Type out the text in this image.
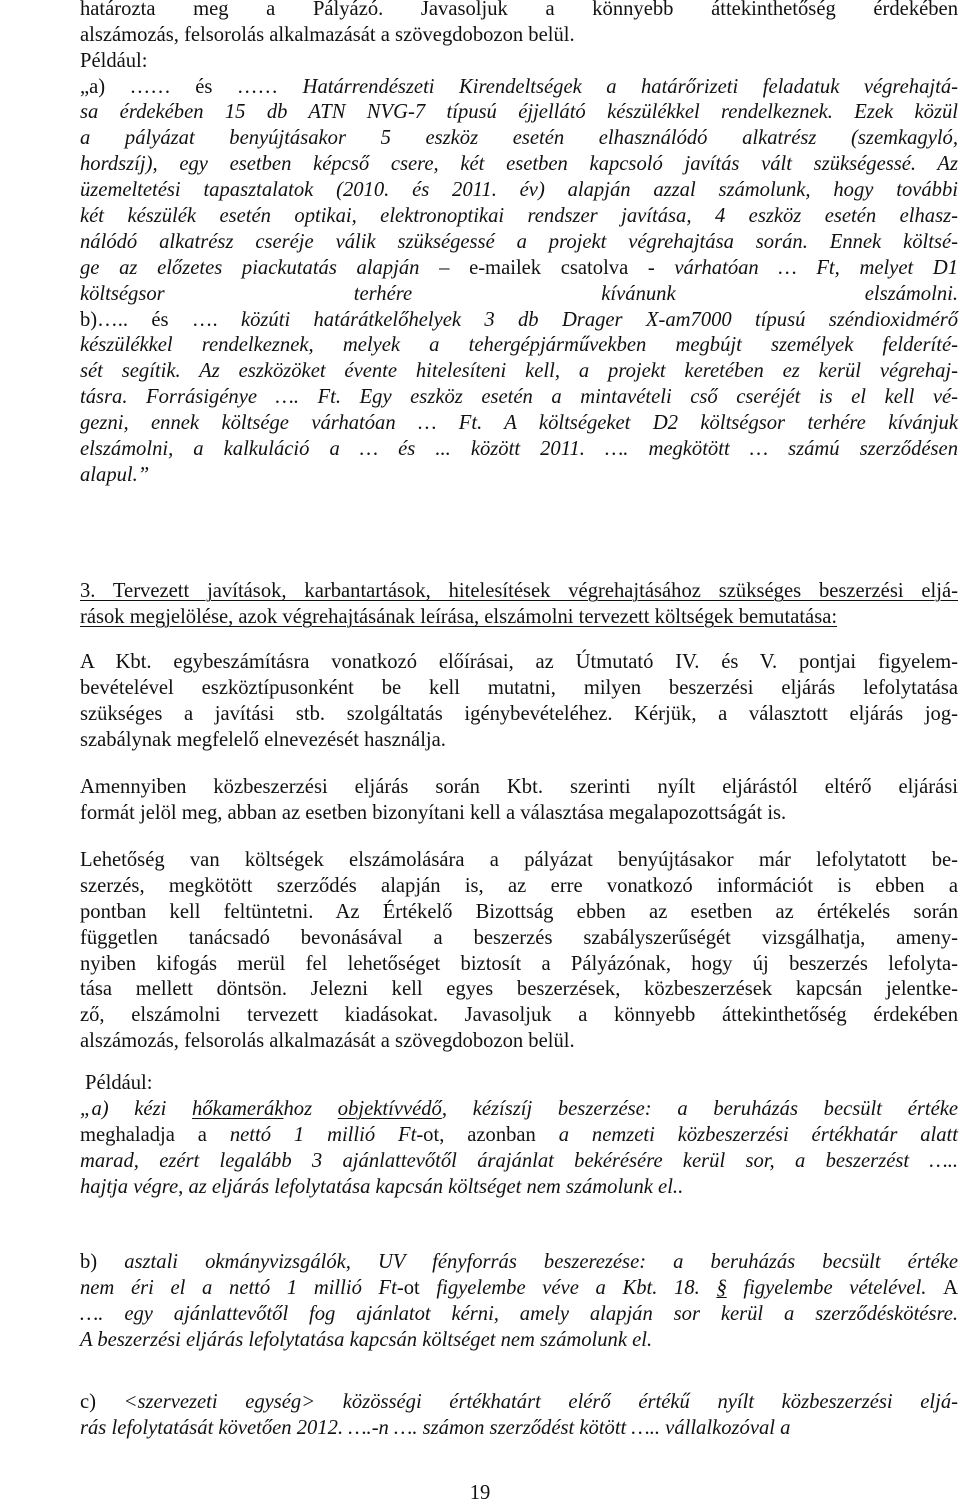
határozta meg a Pályázó. Javasoljuk a könnyebb áttekinthetőség érdekében
alszámozás, felsorolás alkalmazását a szövegdobozon belül.
Például:
„a) …… és …… Határrendészeti Kirendeltségek a határőrizeti feladatuk végrehajtá-
sa érdekében 15 db ATN NVG-7 típusú éjjellátó készülékkel rendelkeznek. Ezek közül
a pályázat benyújtásakor 5 eszköz esetén elhasználódó alkatrész (szemkagyló,
hordszíj), egy esetben képcső csere, két esetben kapcsoló javítás vált szükségessé. Az
üzemeltetési tapasztalatok (2010. és 2011. év) alapján azzal számolunk, hogy további
két készülék esetén optikai, elektronoptikai rendszer javítása, 4 eszköz esetén elhasz-
nálódó alkatrész cseréje válik szükségessé a projekt végrehajtása során. Ennek költsé-
ge az előzetes piackutatás alapján – e-mailek csatolva - várhatóan … Ft, melyet D1
költségsor terhére kívánunk elszámolni.
b)….. és …. közúti határátkelőhelyek 3 db Drager X-am7000 típusú széndioxidmérő
készülékkel rendelkeznek, melyek a tehergépjárművekben megbújt személyek felderíté-
sét segítik. Az eszközöket évente hitelesíteni kell, a projekt keretében ez kerül végrehaj-
tásra. Forrásigénye …. Ft. Egy eszköz esetén a mintavételi cső cseréjét is el kell vé-
gezni, ennek költsége várhatóan … Ft. A költségeket D2 költségsor terhére kívánjuk
elszámolni, a kalkuláció a … és ... között 2011. …. megkötött … számú szerződésen
alapul.”
3. Tervezett javítások, karbantartások, hitelesítések végrehajtásához szükséges beszerzési eljá-
rások megjelölése, azok végrehajtásának leírása, elszámolni tervezett költségek bemutatása:
A Kbt. egybeszámításra vonatkozó előírásai, az Útmutató IV. és V. pontjai figyelem-
bevételével eszköztípusonként be kell mutatni, milyen beszerzési eljárás lefolytatása
szükséges a javítási stb. szolgáltatás igénybevételéhez. Kérjük, a választott eljárás jog-
szabálynak megfelelő elnevezését használja.
Amennyiben közbeszerzési eljárás során Kbt. szerinti nyílt eljárástól eltérő eljárási
formát jelöl meg, abban az esetben bizonyítani kell a választása megalapozottságát is.
Lehetőség van költségek elszámolására a pályázat benyújtásakor már lefolytatott be-
szerzés, megkötött szerződés alapján is, az erre vonatkozó információt is ebben a
pontban kell feltüntetni. Az Értékelő Bizottság ebben az esetben az értékelés során
független tanácsadó bevonásával a beszerzés szabályszerűségét vizsgálhatja, ameny-
nyiben kifogás merül fel lehetőséget biztosít a Pályázónak, hogy új beszerzés lefolyta-
tása mellett döntsön. Jelezni kell egyes beszerzések, közbeszerzések kapcsán jelentke-
ző, elszámolni tervezett kiadásokat. Javasoljuk a könnyebb áttekinthetőség érdekében
alszámozás, felsorolás alkalmazását a szövegdobozon belül.
Például:
„a) kézi hőkamerákhoz objektívvédő, kézíszíj beszerzése: a beruházás becsült értéke
meghaladja a nettó 1 millió Ft-ot, azonban a nemzeti közbeszerzési értékhatár alatt
marad, ezért legalább 3 ajánlattevőtől árajánlat bekérésére kerül sor, a beszerzést …..
hajtja végre, az eljárás lefolytatása kapcsán költséget nem számolunk el..
b) asztali okmányvizsgálók, UV fényforrás beszerezése: a beruházás becsült értéke
nem éri el a nettó 1 millió Ft-ot figyelembe véve a Kbt. 18. § figyelembe vételével. A
…. egy ajánlattevőtől fog ajánlatot kérni, amely alapján sor kerül a szerződéskötésre.
A beszerzési eljárás lefolytatása kapcsán költséget nem számolunk el.
c) <szervezeti egység> közösségi értékhatárt elérő értékű nyílt közbeszerzési eljá-
rás lefolytatását követően 2012. ….-n …. számon szerződést kötött ….. vállalkozóval a
19
